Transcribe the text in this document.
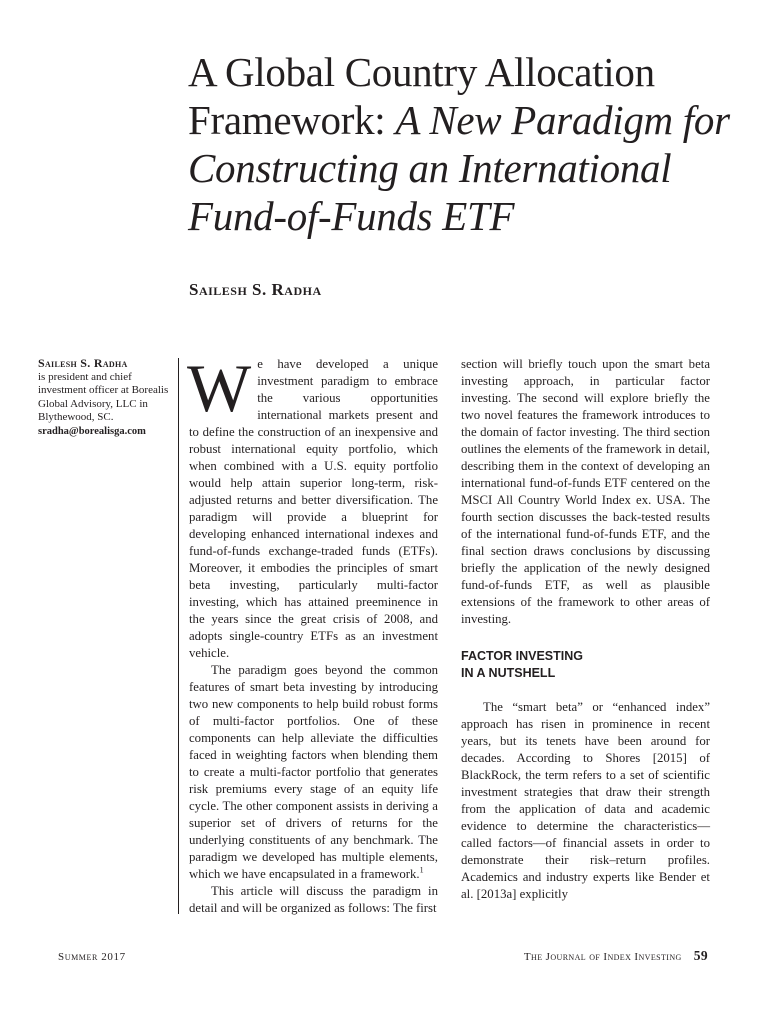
A Global Country Allocation Framework: A New Paradigm for Constructing an International Fund-of-Funds ETF
Sailesh S. Radha
Sailesh S. Radha
is president and chief investment officer at Borealis Global Advisory, LLC in Blythewood, SC.
sradha@borealisga.com

We have developed a unique investment paradigm to embrace the various opportunities international markets present and to define the construction of an inexpensive and robust international equity portfolio, which when combined with a U.S. equity portfolio would help attain superior long-term, risk-adjusted returns and better diversification. The paradigm will provide a blueprint for developing enhanced international indexes and fund-of-funds exchange-traded funds (ETFs). Moreover, it embodies the principles of smart beta investing, particularly multi-factor investing, which has attained preeminence in the years since the great crisis of 2008, and adopts single-country ETFs as an investment vehicle.

The paradigm goes beyond the common features of smart beta investing by introducing two new components to help build robust forms of multi-factor portfolios. One of these components can help alleviate the difficulties faced in weighting factors when blending them to create a multi-factor portfolio that generates risk premiums every stage of an equity life cycle. The other component assists in deriving a superior set of drivers of returns for the underlying constituents of any benchmark. The paradigm we developed has multiple elements, which we have encapsulated in a framework.$^1$

This article will discuss the paradigm in detail and will be organized as follows: The first

section will briefly touch upon the smart beta investing approach, in particular factor investing. The second will explore briefly the two novel features the framework introduces to the domain of factor investing. The third section outlines the elements of the framework in detail, describing them in the context of developing an international fund-of-funds ETF centered on the MSCI All Country World Index ex. USA. The fourth section discusses the back-tested results of the international fund-of-funds ETF, and the final section draws conclusions by discussing briefly the application of the newly designed fund-of-funds ETF, as well as plausible extensions of the framework to other areas of investing.

FACTOR INVESTING
IN A NUTSHELL

The “smart beta” or “enhanced index” approach has risen in prominence in recent years, but its tenets have been around for decades. According to Shores [2015] of BlackRock, the term refers to a set of scientific investment strategies that draw their strength from the application of data and academic evidence to determine the characteristics—called factors—of financial assets in order to demonstrate their risk–return profiles. Academics and industry experts like Bender et al. [2013a] explicitly

Summer 2017	The Journal of Index Investing 59
